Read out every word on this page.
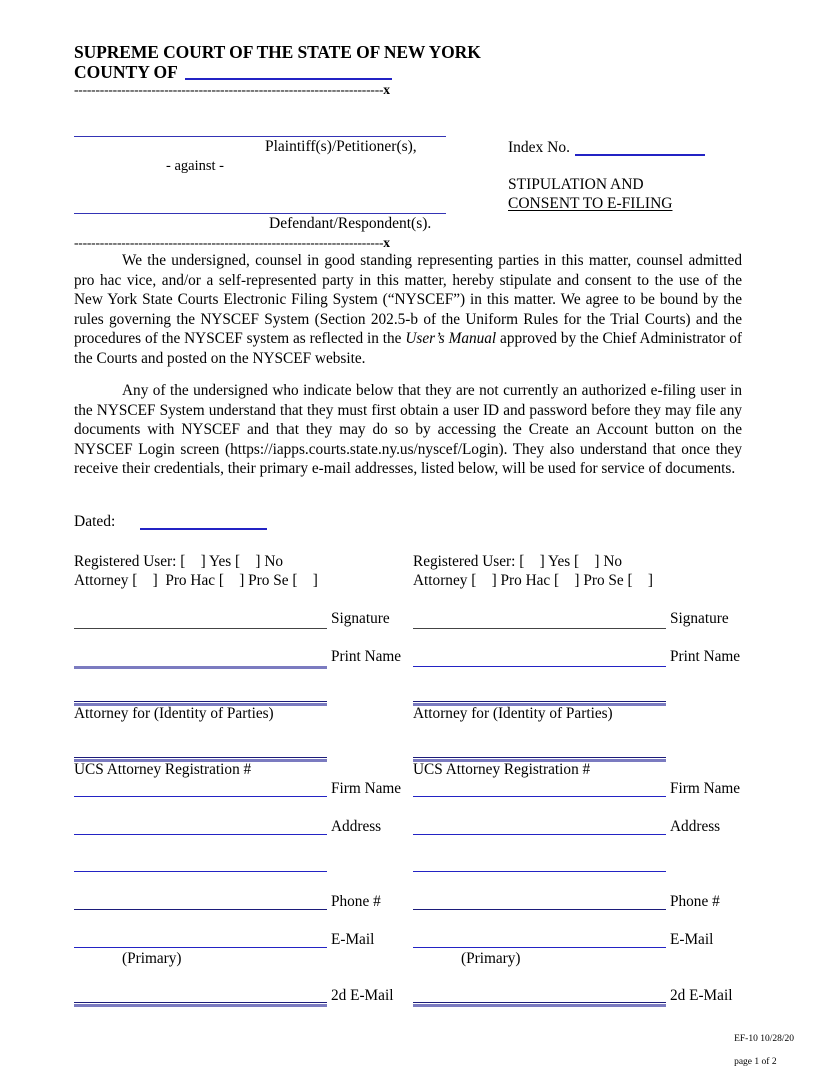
SUPREME COURT OF THE STATE OF NEW YORK
COUNTY OF
------------------------------------------------------------------------x
Plaintiff(s)/Petitioner(s),
- against -
Defendant/Respondent(s).
------------------------------------------------------------------------x
Index No.
STIPULATION AND
CONSENT TO E-FILING
We the undersigned, counsel in good standing representing parties in this matter, counsel admitted pro hac vice, and/or a self-represented party in this matter, hereby stipulate and consent to the use of the New York State Courts Electronic Filing System (“NYSCEF”) in this matter. We agree to be bound by the rules governing the NYSCEF System (Section 202.5-b of the Uniform Rules for the Trial Courts) and the procedures of the NYSCEF system as reflected in the User’s Manual approved by the Chief Administrator of the Courts and posted on the NYSCEF website.
Any of the undersigned who indicate below that they are not currently an authorized e-filing user in the NYSCEF System understand that they must first obtain a user ID and password before they may file any documents with NYSCEF and that they may do so by accessing the Create an Account button on the NYSCEF Login screen (https://iapps.courts.state.ny.us/nyscef/Login). They also understand that once they receive their credentials, their primary e-mail addresses, listed below, will be used for service of documents.
Dated:
Registered User: [    ] Yes [    ] No
Attorney [    ]  Pro Hac [    ] Pro Se [    ]
Registered User: [    ] Yes [    ] No
Attorney [    ] Pro Hac [    ] Pro Se [    ]
Signature
Print Name
Attorney for (Identity of Parties)
UCS Attorney Registration #
Firm Name
Address
Phone #
E-Mail
(Primary)
2d E-Mail
Signature
Print Name
Attorney for (Identity of Parties)
UCS Attorney Registration #
Firm Name
Address
Phone #
E-Mail
(Primary)
2d E-Mail

EF-10 10/28/20

page 1 of 2
